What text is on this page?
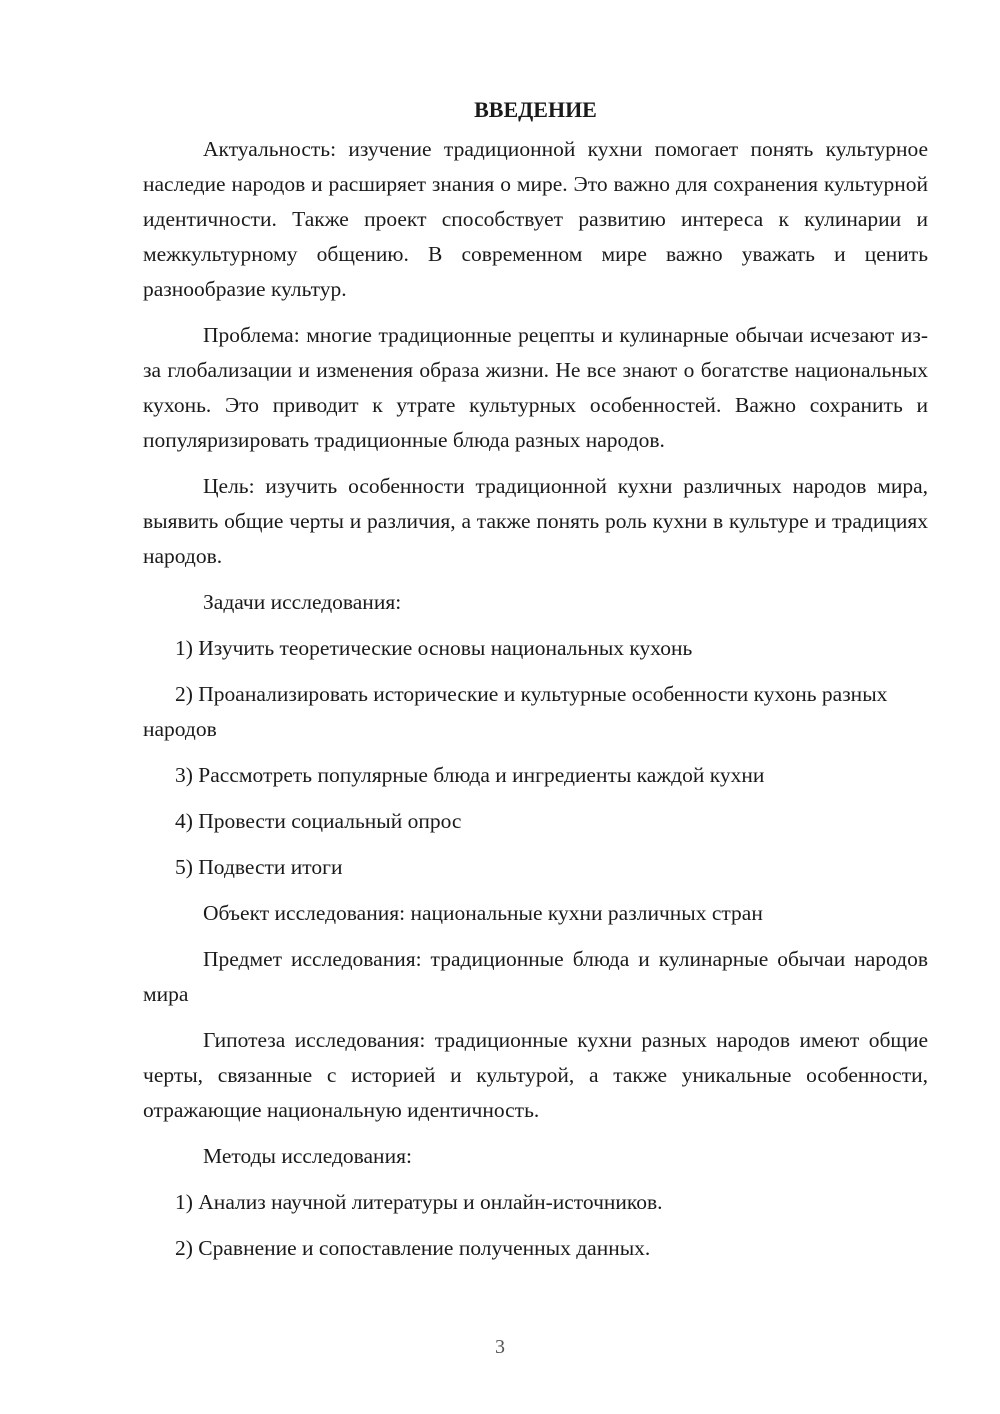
ВВЕДЕНИЕ

Актуальность: изучение традиционной кухни помогает понять культурное наследие народов и расширяет знания о мире. Это важно для сохранения культурной идентичности. Также проект способствует развитию интереса к кулинарии и межкультурному общению. В современном мире важно уважать и ценить разнообразие культур.

Проблема: многие традиционные рецепты и кулинарные обычаи исчезают из-за глобализации и изменения образа жизни. Не все знают о богатстве национальных кухонь. Это приводит к утрате культурных особенностей. Важно сохранить и популяризировать традиционные блюда разных народов.

Цель: изучить особенности традиционной кухни различных народов мира, выявить общие черты и различия, а также понять роль кухни в культуре и традициях народов.

Задачи исследования:

1) Изучить теоретические основы национальных кухонь

2) Проанализировать исторические и культурные особенности кухонь разных народов

3) Рассмотреть популярные блюда и ингредиенты каждой кухни

4) Провести социальный опрос

5) Подвести итоги

Объект исследования: национальные кухни различных стран

Предмет исследования: традиционные блюда и кулинарные обычаи народов мира

Гипотеза исследования: традиционные кухни разных народов имеют общие черты, связанные с историей и культурой, а также уникальные особенности, отражающие национальную идентичность.

Методы исследования:

1) Анализ научной литературы и онлайн-источников.

2) Сравнение и сопоставление полученных данных.

3
